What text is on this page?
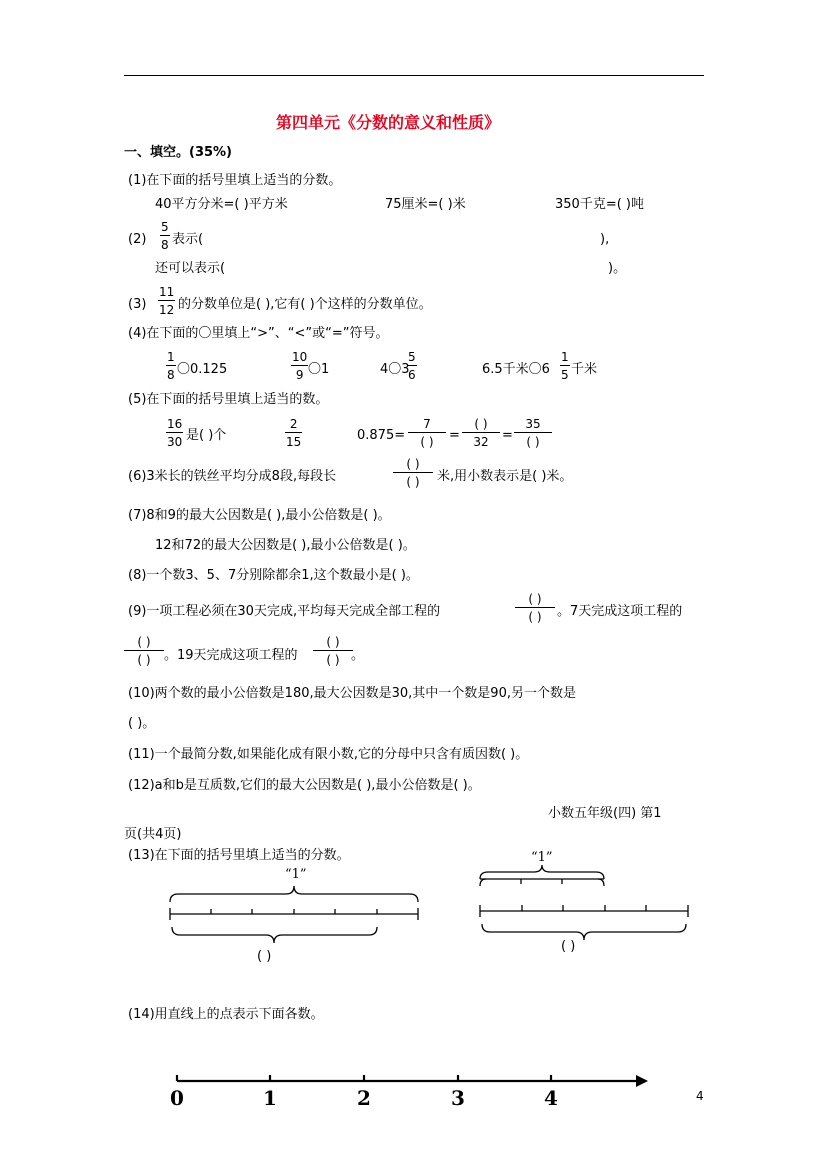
第四单元《分数的意义和性质》
一、填空。(35%)
(1)在下面的括号里填上适当的分数。
40平方分米=( )平方米	75厘米=( )米	350千克=( )吨
$(2) \frac{5}{8}$ 表示(	),
还可以表示(	)。
$(3) \frac{11}{12}$ 的分数单位是( ),它有( )个这样的分数单位。
(4)在下面的〇里填上“>”、“<”或“=”符号。
$\frac{1}{8}$ 〇0.125	$\frac{10}{9}$ 〇1	4〇3
$\frac{5}{6}$	6.5千米〇$6 \frac{1}{5}$ 千米
(5)在下面的括号里填上适当的数。
$\frac{16}{30}$ 是( )个	$\frac{2}{15}$	0.875=
7
( )	=
( )
32	=
35
( )
(6)3米长的铁丝平均分成8段,每段长
( )
( )	米,用小数表示是( )米。
(7)8和9的最大公因数是( ),最小公倍数是( )。
12和72的最大公因数是( ),最小公倍数是( )。
(8)一个数3、5、7分别除都余1,这个数最小是( )。
(9)一项工程必须在30天完成,平均每天完成全部工程的
( )
( )	。7天完成这项工程的
( )
( )	。19天完成这项工程的
( )
( ) 。
(10)两个数的最小公倍数是180,最大公因数是30,其中一个数是90,另一个数是
( )。
(11)一个最简分数,如果能化成有限小数,它的分母中只含有质因数( )。
(12)a和b是互质数,它们的最大公因数是( ),最小公倍数是( )。
小数五年级(四) 第1
页(共4页)
(13)在下面的括号里填上适当的分数。
“1”
“1”
( )
( )
(14)用直线上的点表示下面各数。
0	1	2	3	4	4
